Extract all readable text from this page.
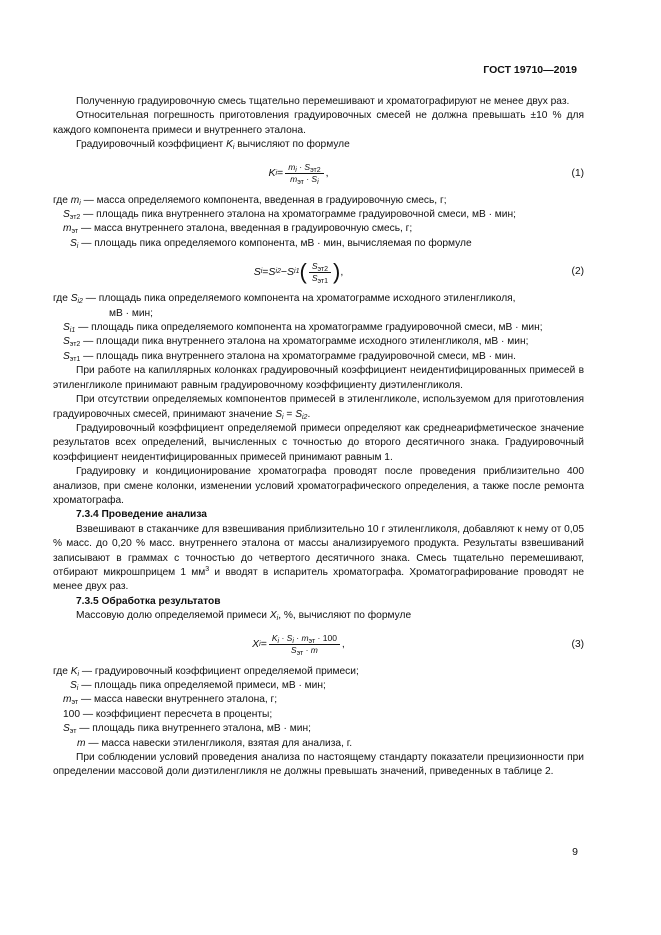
ГОСТ 19710—2019

Полученную градуировочную смесь тщательно перемешивают и хроматографируют не менее двух раз.

Относительная погрешность приготовления градуировочных смесей не должна превышать ±10 % для каждого компонента примеси и внутреннего эталона.

Градуировочный коэффициент $K_i$ вычисляют по формуле

K $i = \frac{m_i \cdot S_{эт2}}{m_{эт} \cdot S_i}$ ,	(1)

где $m_i$ — масса определяемого компонента, введенная в градуировочную смесь, г;

$S_{эт2}$ — площадь пика внутреннего эталона на хроматограмме градуировочной смеси, мВ · мин;

$m_{эт}$ — масса внутреннего эталона, введенная в градуировочную смесь, г;

$S_i$ — площадь пика определяемого компонента, мВ · мин, вычисляемая по формуле

S i = S i2 − S i1 ( $\frac{S_{эт2}}{S_{эт1}}$ ) ,	(2)

где $S_{i2}$ — площадь пика определяемого компонента на хроматограмме исходного этиленгликоля,

мВ · мин;

$S_{i1}$ — площадь пика определяемого компонента на хроматограмме градуировочной смеси, мВ · мин;

$S_{эт2}$ — площади пика внутреннего эталона на хроматограмме исходного этиленгликоля, мВ · мин;

$S_{эт1}$ — площадь пика внутреннего эталона на хроматограмме градуировочной смеси, мВ · мин.

При работе на капиллярных колонках градуировочный коэффициент неидентифицированных примесей в этиленгликоле принимают равным градуировочному коэффициенту диэтиленгликоля.

При отсутствии определяемых компонентов примесей в этиленгликоле, используемом для приготовления градуировочных смесей, принимают значение $S_i = S_{i2}$.

Градуировочный коэффициент определяемой примеси определяют как среднеарифметическое значение результатов всех определений, вычисленных с точностью до второго десятичного знака. Градуировочный коэффициент неидентифицированных примесей принимают равным 1.

Градуировку и кондиционирование хроматографа проводят после проведения приблизительно 400 анализов, при смене колонки, изменении условий хроматографического определения, а также после ремонта хроматографа.

7.3.4 Проведение анализа

Взвешивают в стаканчике для взвешивания приблизительно 10 г этиленгликоля, добавляют к нему от 0,05 % масс. до 0,20 % масс. внутреннего эталона от массы анализируемого продукта. Результаты взвешиваний записывают в граммах с точностью до четвертого десятичного знака. Смесь тщательно перемешивают, отбирают микрошприцем 1 $мм^3$ и вводят в испаритель хроматографа. Хроматографирование проводят не менее двух раз.

7.3.5 Обработка результатов

Массовую долю определяемой примеси $X_i$, %, вычисляют по формуле

X $i = \frac{K_i \cdot S_i \cdot m_{эт} \cdot 100}{S_{эт} \cdot m}$ ,	(3)

где $K_i$ — градуировочный коэффициент определяемой примеси;

$S_i$ — площадь пика определяемой примеси, мВ · мин;

$m_{эт}$ — масса навески внутреннего эталона, г;

100 — коэффициент пересчета в проценты;

$S_{эт}$ — площадь пика внутреннего эталона, мВ · мин;

m — масса навески этиленгликоля, взятая для анализа, г.

При соблюдении условий проведения анализа по настоящему стандарту показатели прецизионности при определении массовой доли диэтиленгликля не должны превышать значений, приведенных в таблице 2.

9
